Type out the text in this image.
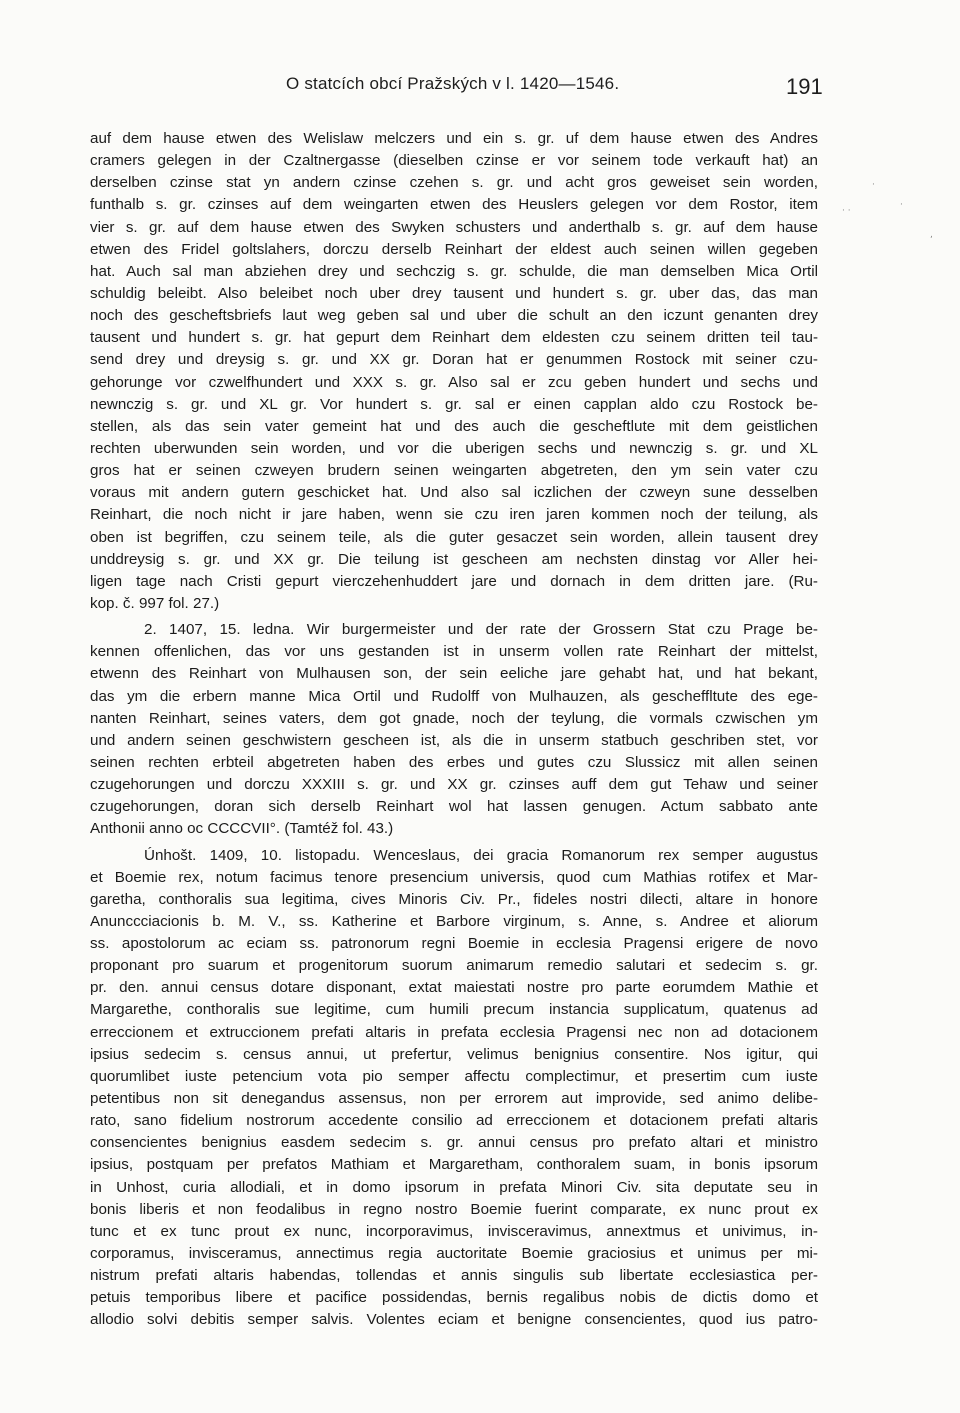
O statcích obcí Pražských v l. 1420—1546.	191
auf dem hause etwen des Welislaw melczers und ein s. gr. uf dem hause etwen des Andres
cramers gelegen in der Czaltnergasse (dieselben czinse er vor seinem tode verkauft hat) an
derselben czinse stat yn andern czinse czehen s. gr. und acht gros geweiset sein worden,
funthalb s. gr. czinses auf dem weingarten etwen des Heuslers gelegen vor dem Rostor, item
vier s. gr. auf dem hause etwen des Swyken schusters und anderthalb s. gr. auf dem hause
etwen des Fridel goltslahers, dorczu derselb Reinhart der eldest auch seinen willen gegeben
hat. Auch sal man abziehen drey und sechczig s. gr. schulde, die man demselben Mica Ortil
schuldig beleibt. Also beleibet noch uber drey tausent und hundert s. gr. uber das, das man
noch des gescheftsbriefs laut weg geben sal und uber die schult an den iczunt genanten drey
tausent und hundert s. gr. hat gepurt dem Reinhart dem eldesten czu seinem dritten teil tau-
send drey und dreysig s. gr. und XX gr. Doran hat er genummen Rostock mit seiner czu-
gehorunge vor czwelfhundert und XXX s. gr. Also sal er zcu geben hundert und sechs und
newnczig s. gr. und XL gr. Vor hundert s. gr. sal er einen capplan aldo czu Rostock be-
stellen, als das sein vater gemeint hat und des auch die gescheftlute mit dem geistlichen
rechten uberwunden sein worden, und vor die uberigen sechs und newnczig s. gr. und XL
gros hat er seinen czweyen brudern seinen weingarten abgetreten, den ym sein vater czu
voraus mit andern gutern geschicket hat. Und also sal iczlichen der czweyn sune desselben
Reinhart, die noch nicht ir jare haben, wenn sie czu iren jaren kommen noch der teilung, als
oben ist begriffen, czu seinem teile, als die guter gesaczet sein worden, allein tausent drey
unddreysig s. gr. und XX gr. Die teilung ist gescheen am nechsten dinstag vor Aller hei-
ligen tage nach Cristi gepurt vierczehenhuddert jare und dornach in dem dritten jare. (Ru-
kop. č. 997 fol. 27.)
2. 1407, 15. ledna. Wir burgermeister und der rate der Grossern Stat czu Prage be-
kennen offenlichen, das vor uns gestanden ist in unserm vollen rate Reinhart der mittelst,
etwenn des Reinhart von Mulhausen son, der sein eeliche jare gehabt hat, und hat bekant,
das ym die erbern manne Mica Ortil und Rudolff von Mulhauzen, als gescheffltute des ege-
nanten Reinhart, seines vaters, dem got gnade, noch der teylung, die vormals czwischen ym
und andern seinen geschwistern gescheen ist, als die in unserm statbuch geschriben stet, vor
seinen rechten erbteil abgetreten haben des erbes und gutes czu Slussicz mit allen seinen
czugehorungen und dorczu XXXIII s. gr. und XX gr. czinses auff dem gut Tehaw und seiner
czugehorungen, doran sich derselb Reinhart wol hat lassen genugen. Actum sabbato ante
Anthonii anno oc CCCCVII°. (Tamtéž fol. 43.)
Únhošt. 1409, 10. listopadu. Wenceslaus, dei gracia Romanorum rex semper augustus
et Boemie rex, notum facimus tenore presencium universis, quod cum Mathias rotifex et Mar-
garetha, conthoralis sua legitima, cives Minoris Civ. Pr., fideles nostri dilecti, altare in honore
Anunccciacionis b. M. V., ss. Katherine et Barbore virginum, s. Anne, s. Andree et aliorum
ss. apostolorum ac eciam ss. patronorum regni Boemie in ecclesia Pragensi erigere de novo
proponant pro suarum et progenitorum suorum animarum remedio salutari et sedecim s. gr.
pr. den. annui census dotare disponant, extat maiestati nostre pro parte eorumdem Mathie et
Margarethe, conthoralis sue legitime, cum humili precum instancia supplicatum, quatenus ad
erreccionem et extruccionem prefati altaris in prefata ecclesia Pragensi nec non ad dotacionem
ipsius sedecim s. census annui, ut prefertur, velimus benignius consentire. Nos igitur, qui
quorumlibet iuste petencium vota pio semper affectu complectimur, et presertim cum iuste
petentibus non sit denegandus assensus, non per errorem aut improvide, sed animo delibe-
rato, sano fidelium nostrorum accedente consilio ad erreccionem et dotacionem prefati altaris
consencientes benignius easdem sedecim s. gr. annui census pro prefato altari et ministro
ipsius, postquam per prefatos Mathiam et Margaretham, conthoralem suam, in bonis ipsorum
in Unhost, curia allodiali, et in domo ipsorum in prefata Minori Civ. sita deputate seu in
bonis liberis et non feodalibus in regno nostro Boemie fuerint comparate, ex nunc prout ex
tunc et ex tunc prout ex nunc, incorporavimus, invisceravimus, annextmus et univimus, in-
corporamus, invisceramus, annectimus regia auctoritate Boemie graciosius et unimus per mi-
nistrum prefati altaris habendas, tollendas et annis singulis sub libertate ecclesiastica per-
petuis temporibus libere et pacifice possidendas, bernis regalibus nobis de dictis domo et
allodio solvi debitis semper salvis. Volentes eciam et benigne consencientes, quod ius patro-
· ·
·
·
,
